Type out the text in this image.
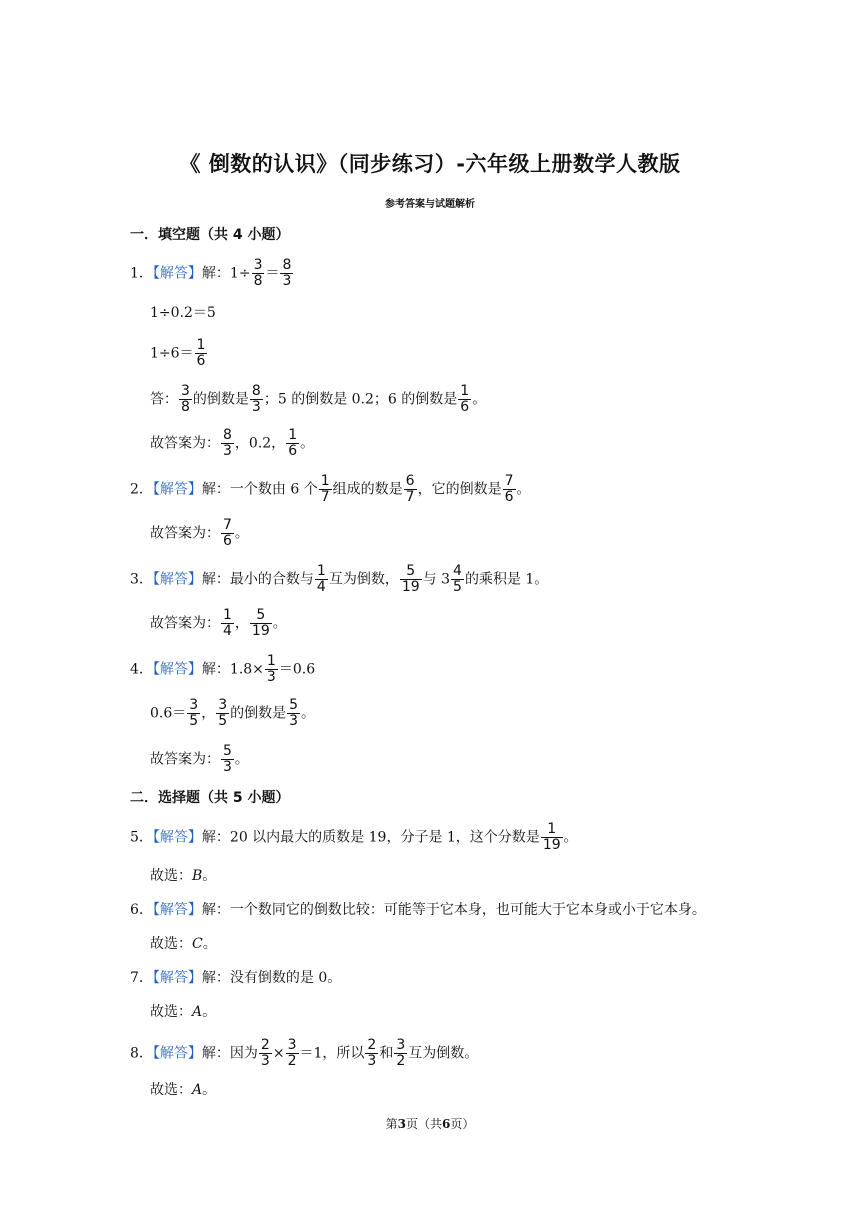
《 倒数的认识》（同步练习）-六年级上册数学人教版
参考答案与试题解析
一．填空题（共 4 小题）
1．【解答】解：$1\div \frac{3}{8} = \frac{8}{3}$
1÷0.2＝5
$1\div 6= \frac{1}{6}$
答： $\frac{3}{8}$ 的倒数是 $\frac{8}{3}$ ；5 的倒数是 0.2；6 的倒数是 $\frac{1}{6}$ 。
故答案为： $\frac{8}{3}$ ，0.2， $\frac{1}{6}$ 。
2．【解答】解：一个数由 6 个 $\frac{1}{7}$ 组成的数是 $\frac{6}{7}$ ，它的倒数是 $\frac{7}{6}$ 。
故答案为： $\frac{7}{6}$ 。
3．【解答】解：最小的合数与 $\frac{1}{4}$ 互为倒数， $\frac{5}{19}$ 与 $3 \frac{4}{5}$ 的乘积是 1。
故答案为： $\frac{1}{4}$ ， $\frac{5}{19}$ 。
4．【解答】解：$1.8\times \frac{1}{3} =0.6$
$0.6= \frac{3}{5}$ ， $\frac{3}{5}$ 的倒数是 $\frac{5}{3}$ 。
故答案为： $\frac{5}{3}$ 。
二．选择题（共 5 小题）
5．【解答】解：20 以内最大的质数是 19，分子是 1，这个分数是 $\frac{1}{19}$ 。
故选：B。
6．【解答】解：一个数同它的倒数比较：可能等于它本身，也可能大于它本身或小于它本身。
故选：C。
7．【解答】解：没有倒数的是 0。
故选：A。
8．【解答】解：因为 $\frac{2}{3} \times \frac{3}{2} =1$，所以 $\frac{2}{3}$ 和 $\frac{3}{2}$ 互为倒数。
故选：A。
第3页（共6页）
